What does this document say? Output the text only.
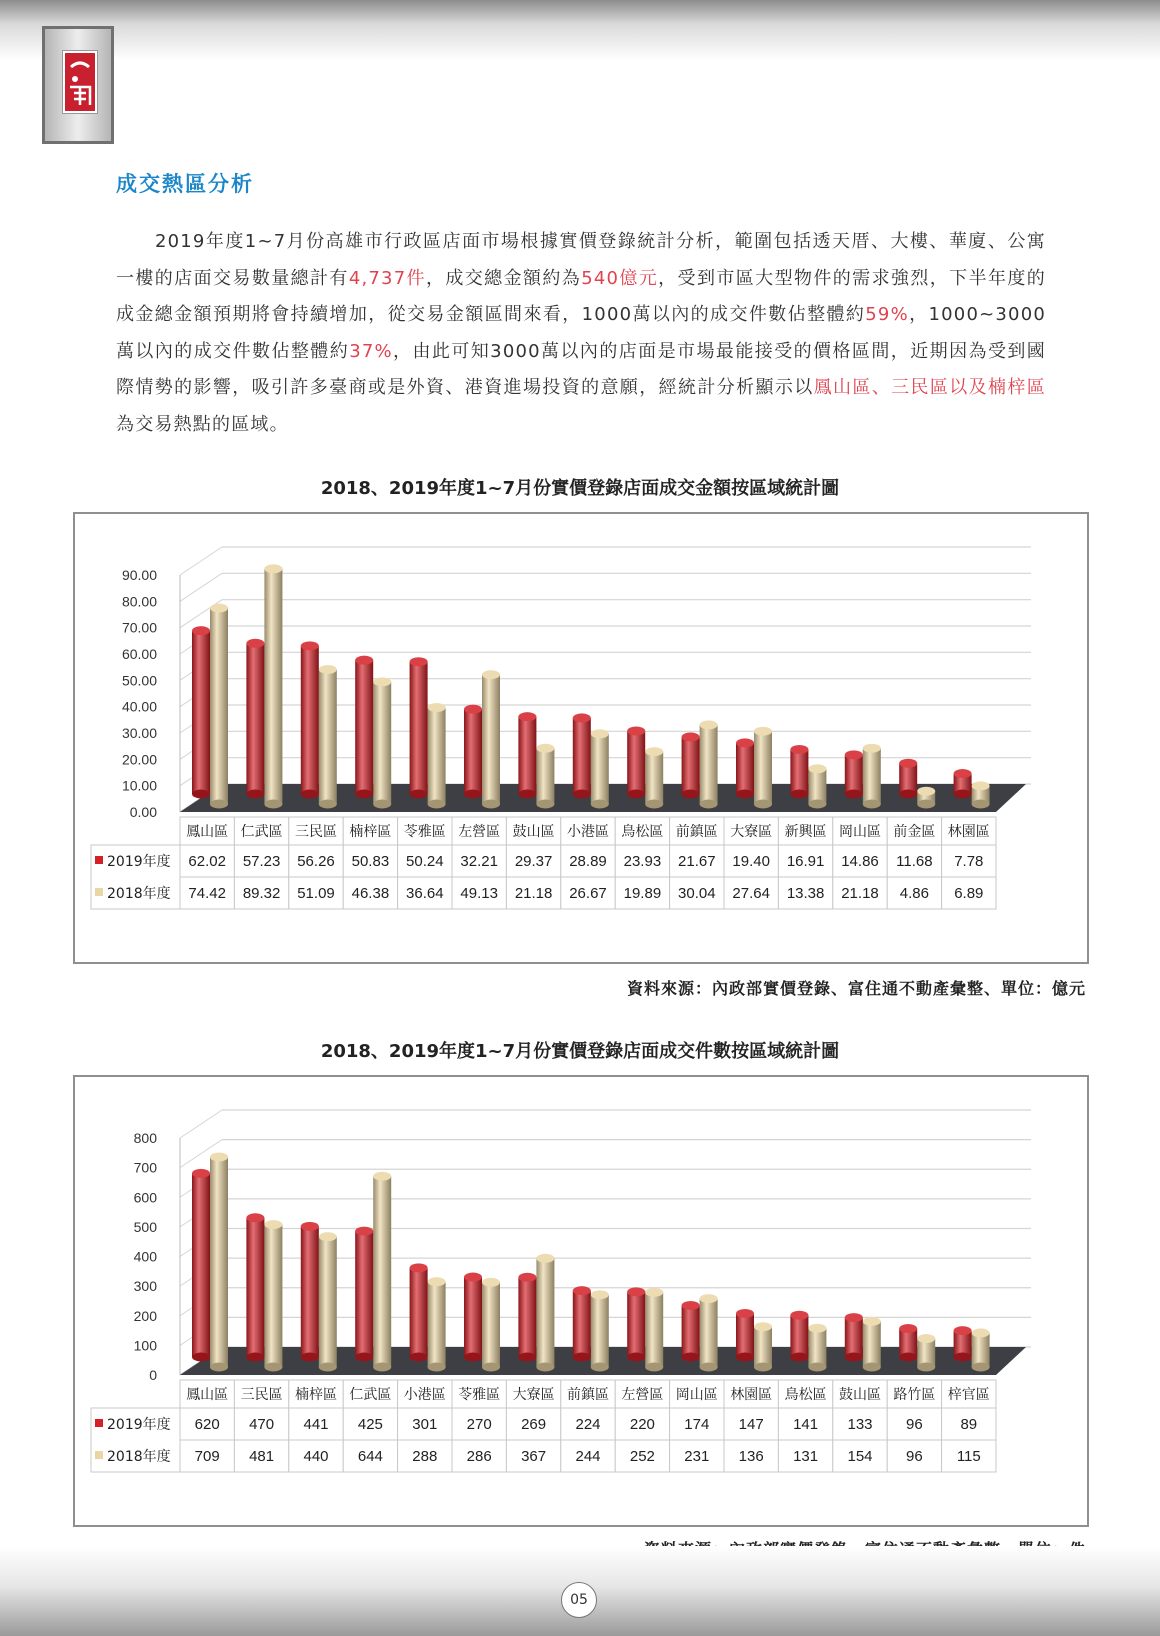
成交熱區分析

　　2019年度1~7月份高雄市行政區店面市場根據實價登錄統計分析，範圍包括透天厝、大樓、華廈、公寓一樓的店面交易數量總計有4,737件，成交總金額約為540億元，受到市區大型物件的需求強烈，下半年度的成金總金額預期將會持續增加，從交易金額區間來看，1000萬以內的成交件數佔整體約59%，1000~3000萬以內的成交件數佔整體約37%，由此可知3000萬以內的店面是市場最能接受的價格區間，近期因為受到國際情勢的影響，吸引許多臺商或是外資、港資進場投資的意願，經統計分析顯示以鳳山區、三民區以及楠梓區為交易熱點的區域。

2018、2019年度1~7月份實價登錄店面成交金額按區域統計圖
0.00
10.00
20.00
30.00
40.00
50.00
60.00
70.00
80.00
90.00
鳳山區 仁武區 三民區 楠梓區 苓雅區 左營區 鼓山區 小港區 鳥松區 前鎮區 大寮區 新興區 岡山區 前金區 林園區
2019年度 62.02 57.23 56.26 50.83 50.24 32.21 29.37 28.89 23.93 21.67 19.40 16.91 14.86 11.68 7.78
2018年度 74.42 89.32 51.09 46.38 36.64 49.13 21.18 26.67 19.89 30.04 27.64 13.38 21.18 4.86 6.89
資料來源：內政部實價登錄、富住通不動產彙整、單位：億元
2018、2019年度1~7月份實價登錄店面成交件數按區域統計圖
0
100
200
300
400
500
600
700
800
鳳山區 三民區 楠梓區 仁武區 小港區 苓雅區 大寮區 前鎮區 左營區 岡山區 林園區 鳥松區 鼓山區 路竹區 梓官區
2019年度 620 470 441 425 301 270 269 224 220 174 147 141 133 96	89
2018年度 709 481 440 644 288 286 367 244 252 231 136 131 154 96 115
05
